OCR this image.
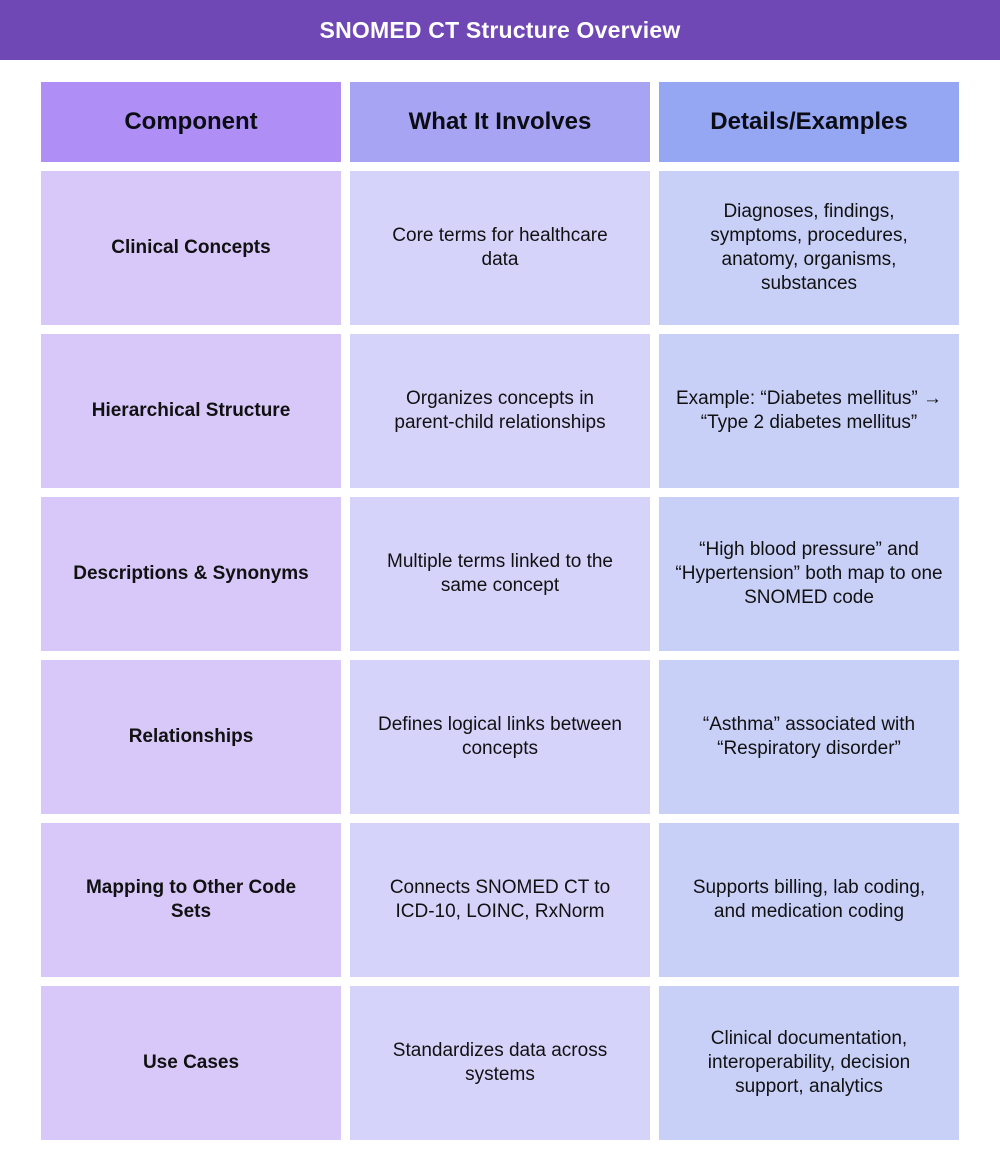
SNOMED CT Structure Overview
Component	What It Involves	Details/Examples
Clinical Concepts
Core terms for healthcare data
Diagnoses, findings, symptoms, procedures, anatomy, organisms, substances
Hierarchical Structure
Organizes concepts in parent-child relationships
Example: “Diabetes mellitus” → “Type 2 diabetes mellitus”
Descriptions & Synonyms
Multiple terms linked to the same concept
“High blood pressure” and “Hypertension” both map to one SNOMED code
Relationships
Defines logical links between concepts
“Asthma” associated with “Respiratory disorder”
Mapping to Other Code Sets
Connects SNOMED CT to ICD-10, LOINC, RxNorm
Supports billing, lab coding, and medication coding
Use Cases
Standardizes data across systems
Clinical documentation, interoperability, decision support, analytics
